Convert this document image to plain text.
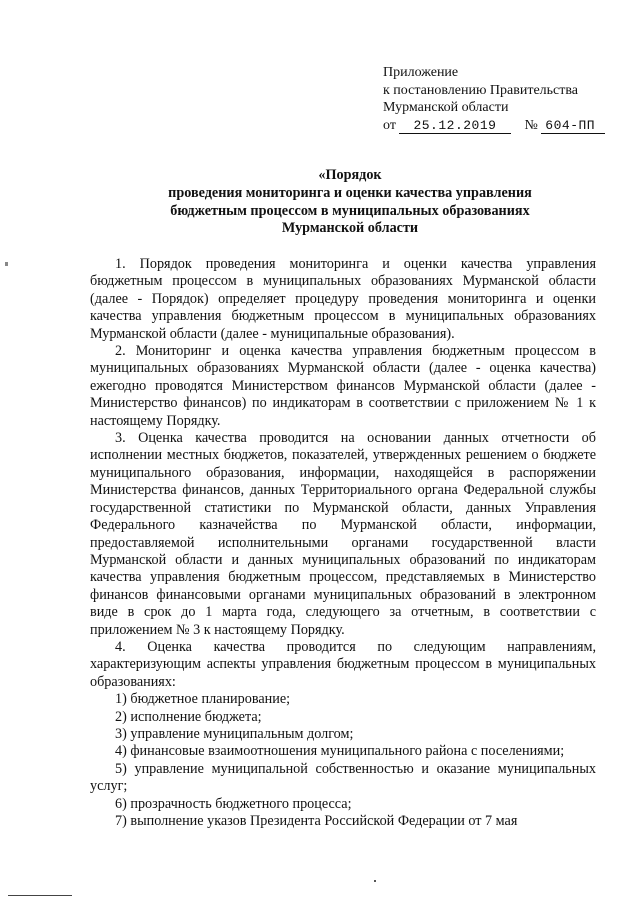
Приложение
к постановлению Правительства
Мурманской области
от 25.12.2019 № 604-ПП
«Порядок
проведения мониторинга и оценки качества управления
бюджетным процессом в муниципальных образованиях
Мурманской области

1. Порядок проведения мониторинга и оценки качества управления бюджетным процессом в муниципальных образованиях Мурманской области (далее - Порядок) определяет процедуру проведения мониторинга и оценки качества управления бюджетным процессом в муниципальных образованиях Мурманской области (далее - муниципальные образования).

2. Мониторинг и оценка качества управления бюджетным процессом в муниципальных образованиях Мурманской области (далее - оценка качества) ежегодно проводятся Министерством финансов Мурманской области (далее - Министерство финансов) по индикаторам в соответствии с приложением № 1 к настоящему Порядку.

3. Оценка качества проводится на основании данных отчетности об исполнении местных бюджетов, показателей, утвержденных решением о бюджете муниципального образования, информации, находящейся в распоряжении Министерства финансов, данных Территориального органа Федеральной службы государственной статистики по Мурманской области, данных Управления Федерального казначейства по Мурманской области, информации, предоставляемой исполнительными органами государственной власти Мурманской области и данных муниципальных образований по индикаторам качества управления бюджетным процессом, представляемых в Министерство финансов финансовыми органами муниципальных образований в электронном виде в срок до 1 марта года, следующего за отчетным, в соответствии с приложением № 3 к настоящему Порядку.

4. Оценка качества проводится по следующим направлениям, характеризующим аспекты управления бюджетным процессом в муниципальных образованиях:

1) бюджетное планирование;

2) исполнение бюджета;

3) управление муниципальным долгом;

4) финансовые взаимоотношения муниципального района с поселениями;

5) управление муниципальной собственностью и оказание муниципальных услуг;

6) прозрачность бюджетного процесса;

7) выполнение указов Президента Российской Федерации от 7 мая
